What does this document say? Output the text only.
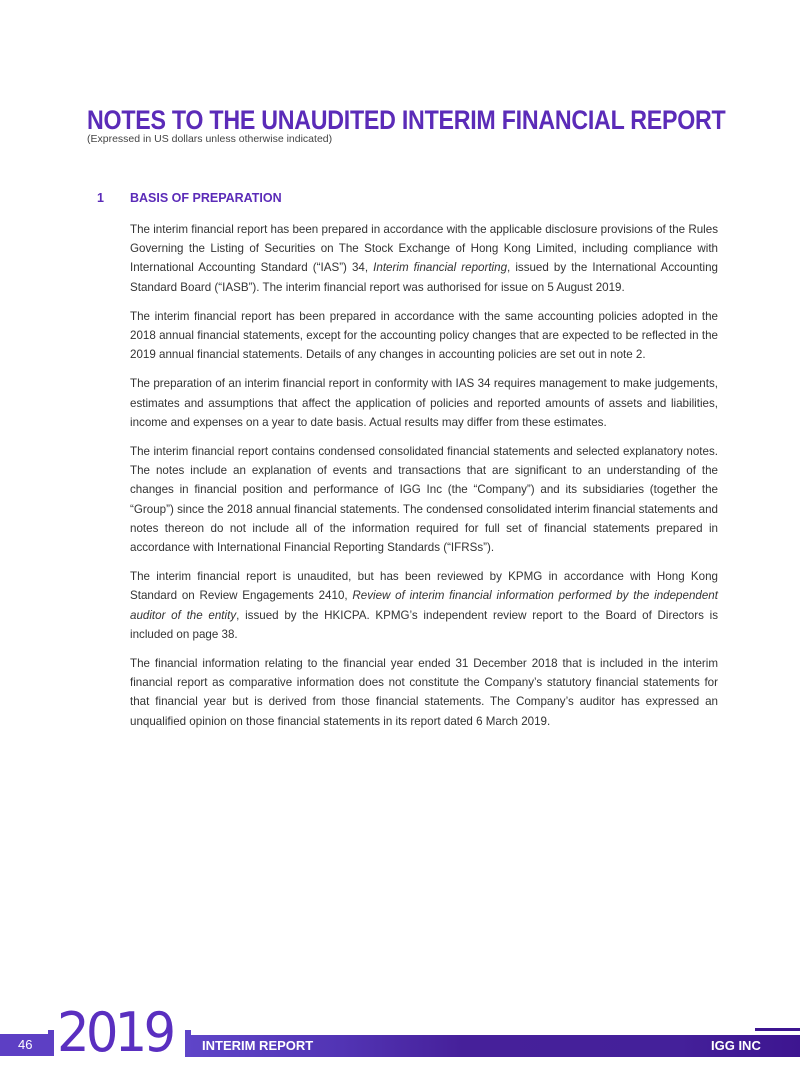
NOTES TO THE UNAUDITED INTERIM FINANCIAL REPORT
(Expressed in US dollars unless otherwise indicated)
1 BASIS OF PREPARATION

The interim financial report has been prepared in accordance with the applicable disclosure provisions of the Rules Governing the Listing of Securities on The Stock Exchange of Hong Kong Limited, including compliance with International Accounting Standard (“IAS”) 34, Interim financial reporting, issued by the International Accounting Standard Board (“IASB”). The interim financial report was authorised for issue on 5 August 2019.

The interim financial report has been prepared in accordance with the same accounting policies adopted in the 2018 annual financial statements, except for the accounting policy changes that are expected to be reflected in the 2019 annual financial statements. Details of any changes in accounting policies are set out in note 2.

The preparation of an interim financial report in conformity with IAS 34 requires management to make judgements, estimates and assumptions that affect the application of policies and reported amounts of assets and liabilities, income and expenses on a year to date basis. Actual results may differ from these estimates.

The interim financial report contains condensed consolidated financial statements and selected explanatory notes. The notes include an explanation of events and transactions that are significant to an understanding of the changes in financial position and performance of IGG Inc (the “Company”) and its subsidiaries (together the “Group”) since the 2018 annual financial statements. The condensed consolidated interim financial statements and notes thereon do not include all of the information required for full set of financial statements prepared in accordance with International Financial Reporting Standards (“IFRSs”).

The interim financial report is unaudited, but has been reviewed by KPMG in accordance with Hong Kong Standard on Review Engagements 2410, Review of interim financial information performed by the independent auditor of the entity, issued by the HKICPA. KPMG’s independent review report to the Board of Directors is included on page 38.

The financial information relating to the financial year ended 31 December 2018 that is included in the interim financial report as comparative information does not constitute the Company’s statutory financial statements for that financial year but is derived from those financial statements. The Company’s auditor has expressed an unqualified opinion on those financial statements in its report dated 6 March 2019.

46 2019 INTERIM REPORT	IGG INC
